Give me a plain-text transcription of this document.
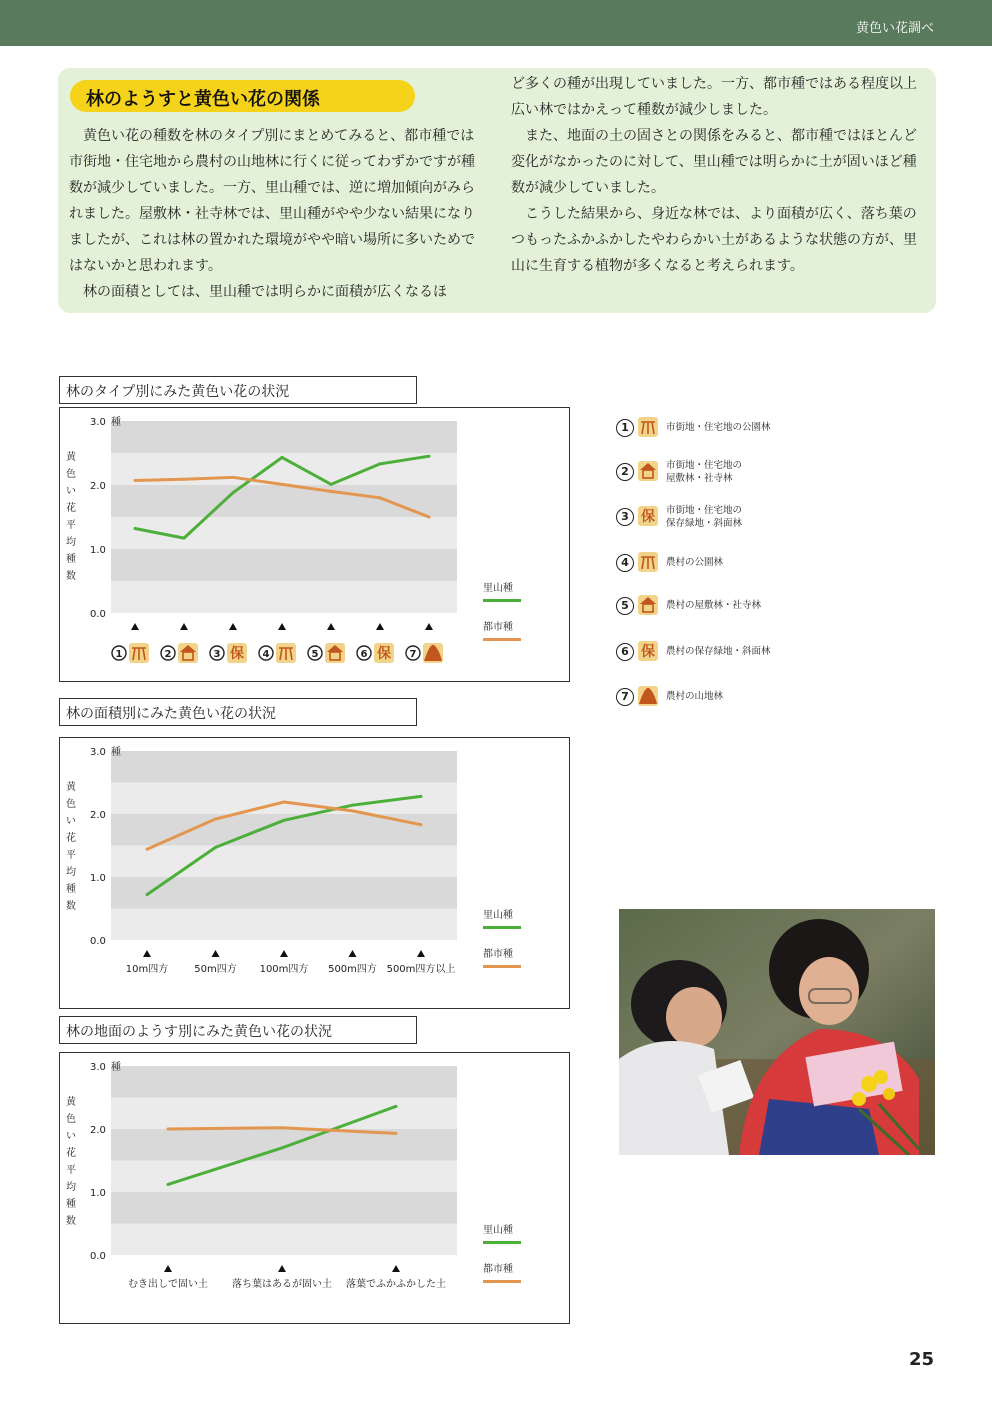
黄色い花調べ
林のようすと黄色い花の関係

黄色い花の種数を林のタイプ別にまとめてみると、都市種では市街地・住宅地から農村の山地林に行くに従ってわずかですが種数が減少していました。一方、里山種では、逆に増加傾向がみられました。屋敷林・社寺林では、里山種がやや少ない結果になりましたが、これは林の置かれた環境がやや暗い場所に多いためではないかと思われます。

林の面積としては、里山種では明らかに面積が広くなるほ

ど多くの種が出現していました。一方、都市種ではある程度以上広い林ではかえって種数が減少しました。

また、地面の土の固さとの関係をみると、都市種ではほとんど変化がなかったのに対して、里山種では明らかに土が固いほど種数が減少していました。

こうした結果から、身近な林では、より面積が広く、落ち葉のつもったふかふかしたやわらかい土があるような状態の方が、里山に生育する植物が多くなると考えられます。

林のタイプ別にみた黄色い花の状況
0.0
1.0
2.0
3.0 種
黄
色
い
花
平
均
種
数
1	2	3 保 4	5	6 保 7
里山種
都市種
林の面積別にみた黄色い花の状況
0.0
1.0
2.0
3.0 種
黄
色
い
花
平
均
種
数
10m四方	50m四方 100m四方 500m四方 500m四方以上
里山種
都市種
林の地面のようす別にみた黄色い花の状況
0.0
1.0
2.0
3.0 種
黄
色
い
花
平
均
種
数
むき出しで固い土 落ち葉はあるが固い土 落葉でふかふかした土
里山種
都市種
1	市街地・住宅地の公園林
2	市街地・住宅地の
屋敷林・社寺林
3 保 市街地・住宅地の
保存緑地・斜面林
4	農村の公園林
5	農村の屋敷林・社寺林
6 保 農村の保存緑地・斜面林
7	農村の山地林
25
